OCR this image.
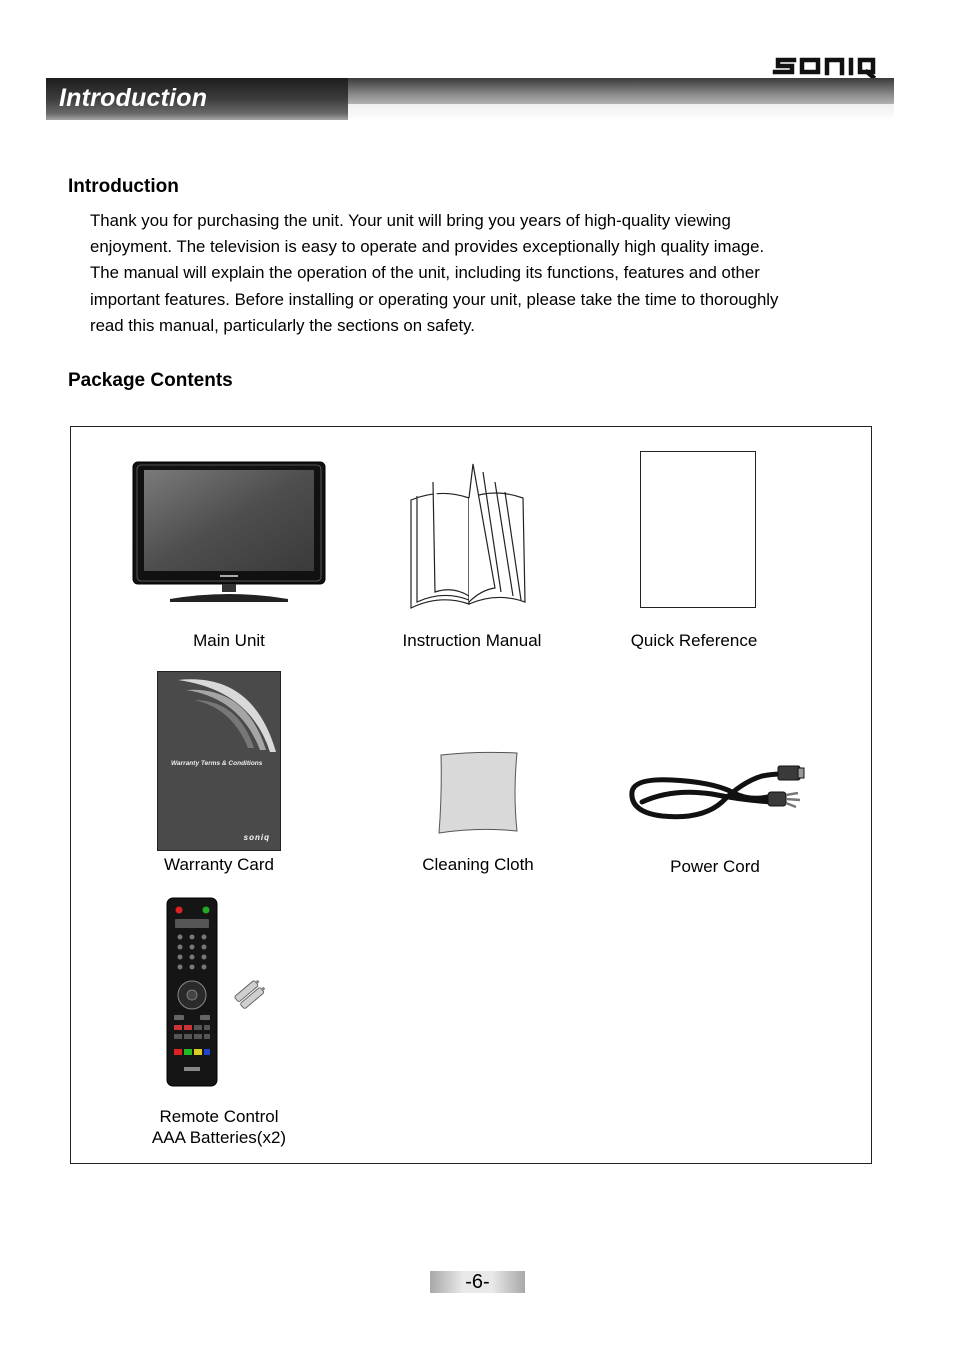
Introduction
Introduction
Thank you for purchasing the unit. Your unit will bring you years of high-quality viewing
enjoyment. The television is easy to operate and provides exceptionally high quality image.
The manual will explain the operation of the unit, including its functions, features and other
important features. Before installing or operating your unit, please take the time to thoroughly
read this manual, particularly the sections on safety.
Package Contents
Main Unit	Instruction Manual	Quick Reference
Warranty Terms & Conditions
soniq
Warranty Card	Cleaning Cloth	Power Cord
Remote Control
AAA Batteries(x2)
-6-
